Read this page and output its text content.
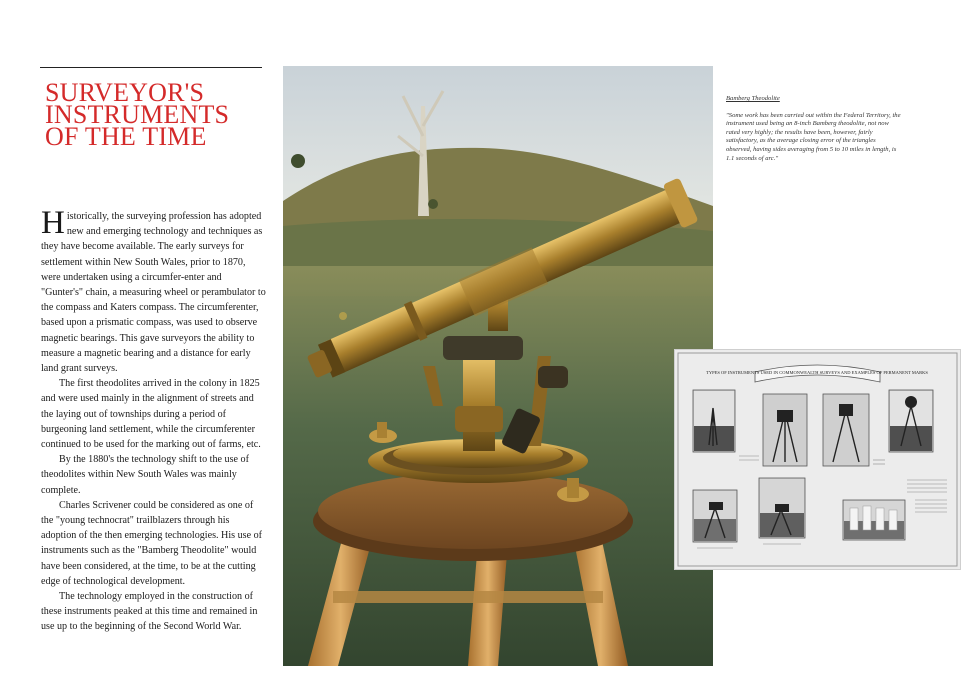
SURVEYOR'S
INSTRUMENTS
OF THE TIME

Historically, the surveying profession has adopted new and emerging technology and techniques as they have become available. The early surveys for settlement within New South Wales, prior to 1870, were undertaken using a circumfer-enter and "Gunter's" chain, a measuring wheel or perambulator to the compass and Katers compass. The circumferenter, based upon a prismatic compass, was used to observe magnetic bearings. This gave surveyors the ability to measure a magnetic bearing and a distance for early land grant surveys.

The first theodolites arrived in the colony in 1825 and were used mainly in the alignment of streets and the laying out of townships during a period of burgeoning land settlement, while the circumferenter continued to be used for the marking out of farms, etc.

By the 1880's the technology shift to the use of theodolites within New South Wales was mainly complete.

Charles Scrivener could be considered as one of the "young technocrat" trailblazers through his adoption of the then emerging technologies. His use of instruments such as the "Bamberg Theodolite" would have been considered, at the time, to be at the cutting edge of technological development.

The technology employed in the construction of these instruments peaked at this time and remained in use up to the beginning of the Second World War.

Bamberg Theodolite
"Some work has been carried out within the Federal Territory, the instrument used being an 8-inch Bamberg theodolite, not now rated very highly; the results have been, however, fairly satisfactory, as the average closing error of the triangles observed, having sides averaging from 5 to 10 miles in length, is 1.1 seconds of arc."
TYPES OF INSTRUMENTS USED IN COMMONWEALTH SURVEYS AND EXAMPLES OF PERMANENT MARKS
